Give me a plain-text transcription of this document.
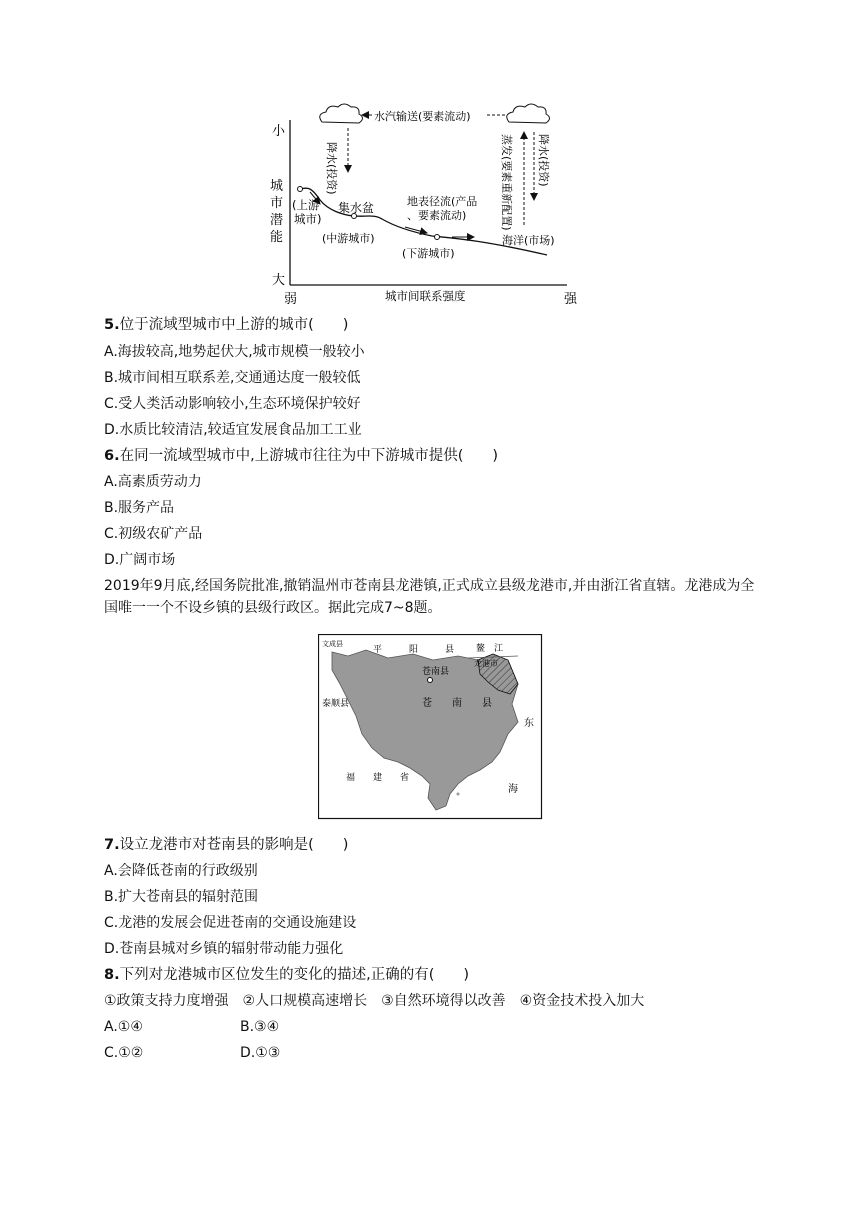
小
城
市
潜
能
大
弱	城市间联系强度	强
水汽输送(要素流动)
降水(投资)	蒸发(要素重新配置) 降水(投资)
(上游
城市)
集水盆
(中游城市)
地表径流(产品
、要素流动)
(下游城市)
海洋(市场)
5.位于流域型城市中上游的城市(　　)
A.海拔较高,地势起伏大,城市规模一般较小
B.城市间相互联系差,交通通达度一般较低
C.受人类活动影响较小,生态环境保护较好
D.水质比较清洁,较适宜发展食品加工工业
6.在同一流域型城市中,上游城市往往为中下游城市提供(　　)
A.高素质劳动力
B.服务产品
C.初级农矿产品
D.广阔市场
2019年9月底,经国务院批准,撤销温州市苍南县龙港镇,正式成立县级龙港市,并由浙江省直辖。龙港成为全国唯一一个不设乡镇的县级行政区。据此完成7~8题。
文成县
平　　　阳　　　县 鳌　江
龙港市
苍南县
泰顺县	苍　　南　　县
福　　建　　省
东
海
7.设立龙港市对苍南县的影响是(　　)
A.会降低苍南的行政级别
B.扩大苍南县的辐射范围
C.龙港的发展会促进苍南的交通设施建设
D.苍南县城对乡镇的辐射带动能力强化
8.下列对龙港城市区位发生的变化的描述,正确的有(　　)
①政策支持力度增强　②人口规模高速增长　③自然环境得以改善　④资金技术投入加大
A.①④	B.③④
C.①②	D.①③
